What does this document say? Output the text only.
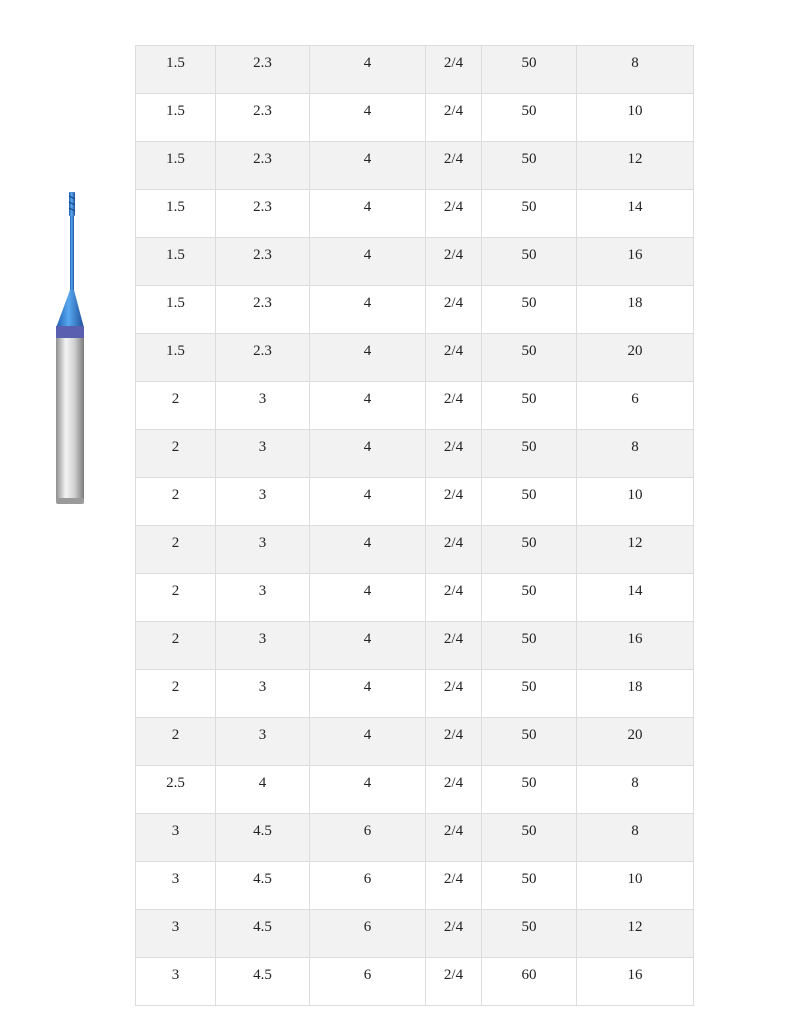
1.5	2.3	4	2/4	50	8

1.5	2.3	4	2/4	50	10

1.5	2.3	4	2/4	50	12

1.5	2.3	4	2/4	50	14

1.5	2.3	4	2/4	50	16

1.5	2.3	4	2/4	50	18

1.5	2.3	4	2/4	50	20

2	3	4	2/4	50	6

2	3	4	2/4	50	8

2	3	4	2/4	50	10

2	3	4	2/4	50	12

2	3	4	2/4	50	14

2	3	4	2/4	50	16

2	3	4	2/4	50	18

2	3	4	2/4	50	20

2.5	4	4	2/4	50	8

3	4.5	6	2/4	50	8

3	4.5	6	2/4	50	10

3	4.5	6	2/4	50	12

3	4.5	6	2/4	60	16
